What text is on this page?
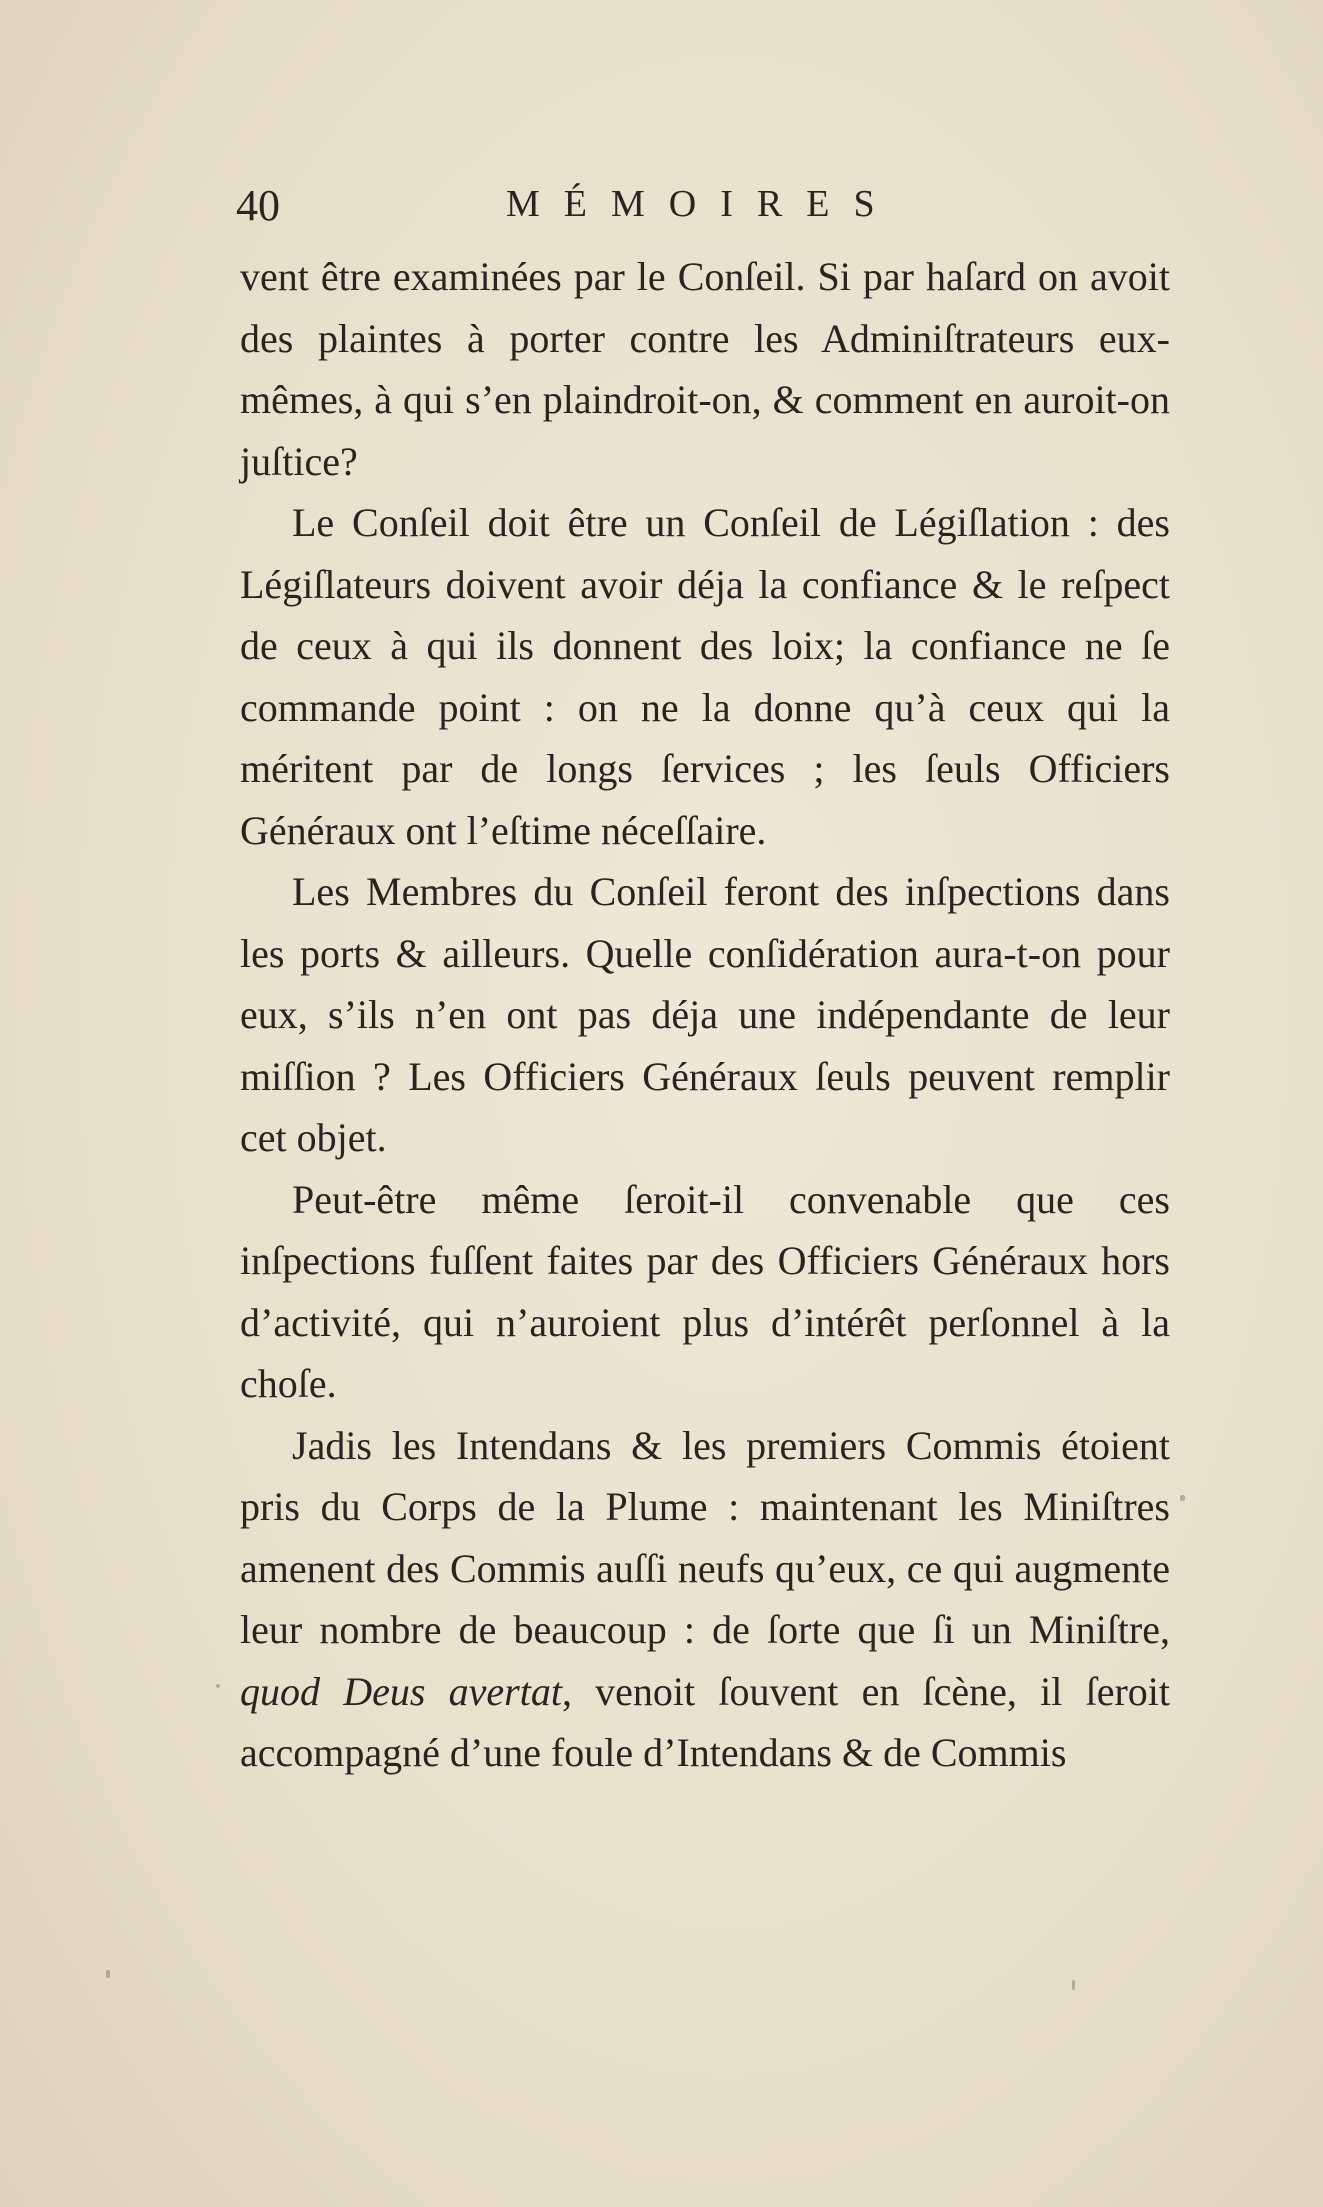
40	MÉMOIRES

vent être examinées par le Conſeil. Si par haſard on avoit des plaintes à porter contre les Adminiſtrateurs eux-mêmes, à qui s’en plaindroit-on, & comment en auroit-on juſtice?

Le Conſeil doit être un Conſeil de Légiſlation : des Légiſlateurs doivent avoir déja la confiance & le reſpect de ceux à qui ils donnent des loix; la confiance ne ſe commande point : on ne la donne qu’à ceux qui la méritent par de longs ſervices ; les ſeuls Officiers Généraux ont l’eſtime néceſſaire.

Les Membres du Conſeil feront des inſpections dans les ports & ailleurs. Quelle conſidération aura-t-on pour eux, s’ils n’en ont pas déja une indépendante de leur miſſion ? Les Officiers Généraux ſeuls peuvent remplir cet objet.

Peut-être même ſeroit-il convenable que ces inſpections fuſſent faites par des Officiers Généraux hors d’activité, qui n’auroient plus d’intérêt perſonnel à la choſe.

Jadis les Intendans & les premiers Commis étoient pris du Corps de la Plume : maintenant les Miniſtres amenent des Commis auſſi neufs qu’eux, ce qui augmente leur nombre de beaucoup : de ſorte que ſi un Miniſtre, quod Deus avertat, venoit ſouvent en ſcène, il ſeroit accompagné d’une foule d’Intendans & de Commis
